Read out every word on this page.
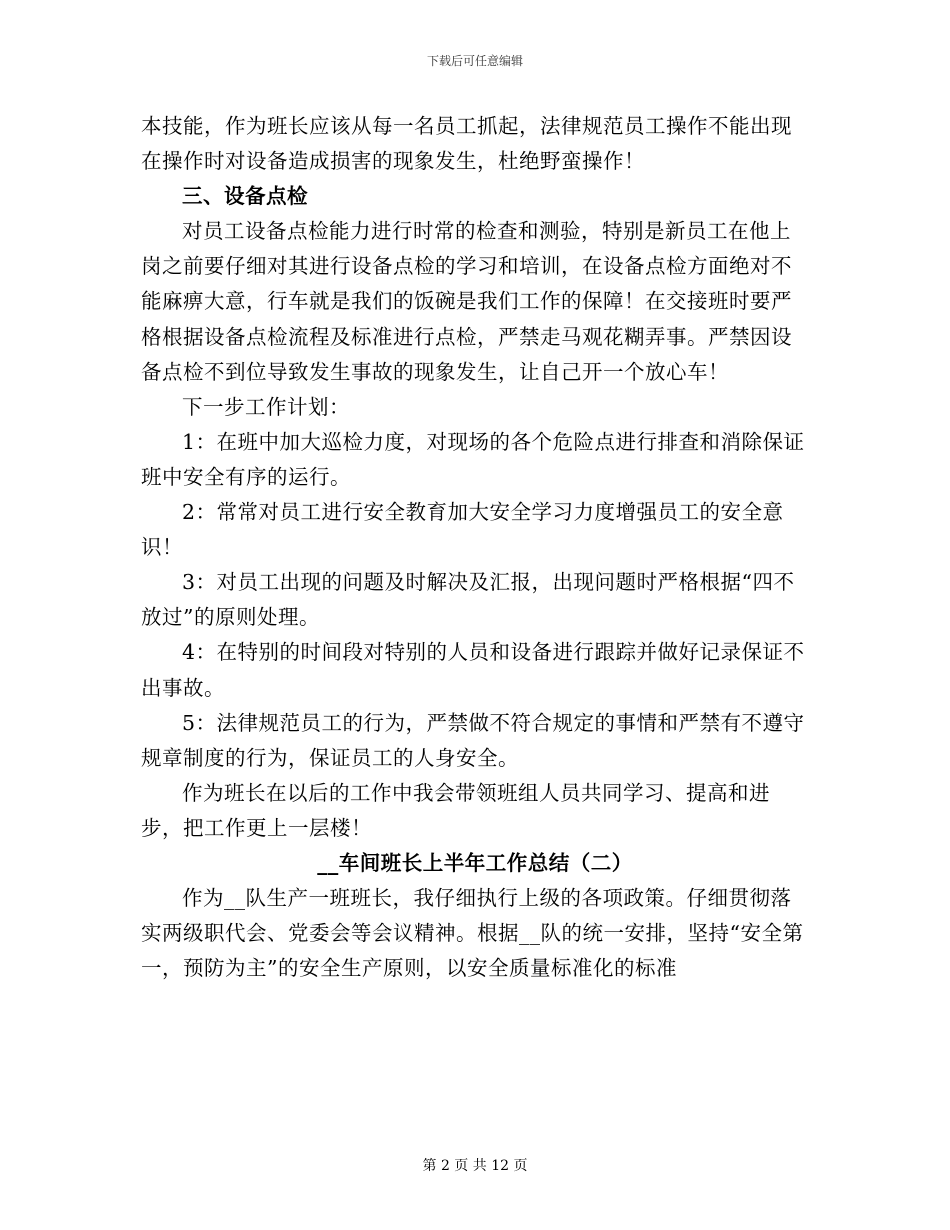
下载后可任意编辑

本技能，作为班长应该从每一名员工抓起，法律规范员工操作不能出现在操作时对设备造成损害的现象发生，杜绝野蛮操作！

三、设备点检

对员工设备点检能力进行时常的检查和测验，特别是新员工在他上岗之前要仔细对其进行设备点检的学习和培训，在设备点检方面绝对不能麻痹大意，行车就是我们的饭碗是我们工作的保障！在交接班时要严格根据设备点检流程及标准进行点检，严禁走马观花糊弄事。严禁因设备点检不到位导致发生事故的现象发生，让自己开一个放心车！

下一步工作计划：

1：在班中加大巡检力度，对现场的各个危险点进行排查和消除保证班中安全有序的运行。

2：常常对员工进行安全教育加大安全学习力度增强员工的安全意识！

3：对员工出现的问题及时解决及汇报，出现问题时严格根据“四不放过”的原则处理。

4：在特别的时间段对特别的人员和设备进行跟踪并做好记录保证不出事故。

5：法律规范员工的行为，严禁做不符合规定的事情和严禁有不遵守规章制度的行为，保证员工的人身安全。

作为班长在以后的工作中我会带领班组人员共同学习、提高和进步，把工作更上一层楼！

__车间班长上半年工作总结（二）

作为__队生产一班班长，我仔细执行上级的各项政策。仔细贯彻落实两级职代会、党委会等会议精神。根据__队的统一安排，坚持“安全第一，预防为主”的安全生产原则，以安全质量标准化的标准

第 2 页 共 12 页
